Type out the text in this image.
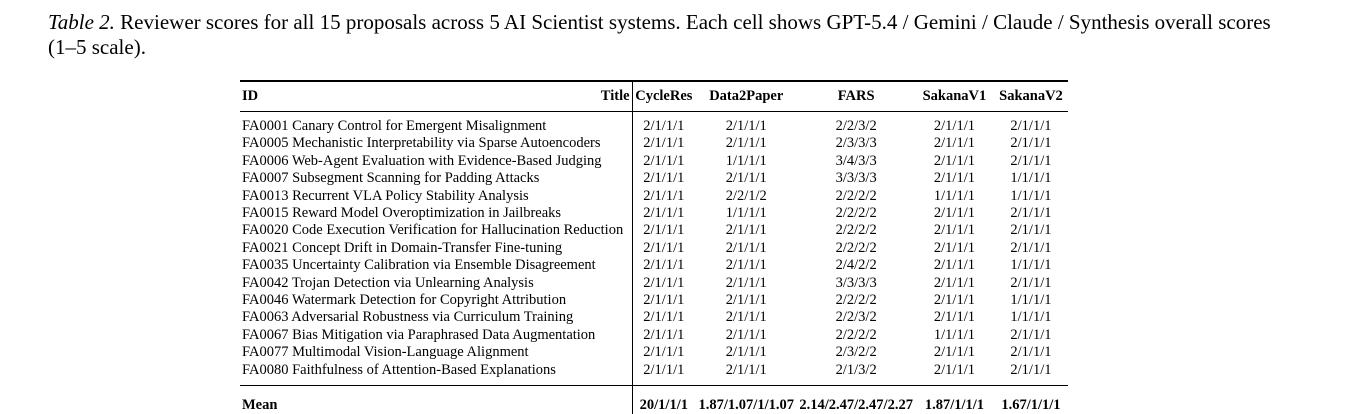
Table 2. Reviewer scores for all 15 proposals across 5 AI Scientist systems. Each cell shows GPT-5.4 / Gemini / Claude / Synthesis overall scores (1–5 scale).
ID	Title	CycleRes	Data2Paper	FARS	SakanaV1	SakanaV2

FA0001 Canary Control for Emergent Misalignment		2/1/1/1	2/1/1/1	2/2/3/2	2/1/1/1	2/1/1/1
FA0005 Mechanistic Interpretability via Sparse Autoencoders		2/1/1/1	2/1/1/1	2/3/3/3	2/1/1/1	2/1/1/1
FA0006 Web-Agent Evaluation with Evidence-Based Judging		2/1/1/1	1/1/1/1	3/4/3/3	2/1/1/1	2/1/1/1
FA0007 Subsegment Scanning for Padding Attacks		2/1/1/1	2/1/1/1	3/3/3/3	2/1/1/1	1/1/1/1
FA0013 Recurrent VLA Policy Stability Analysis		2/1/1/1	2/2/1/2	2/2/2/2	1/1/1/1	1/1/1/1
FA0015 Reward Model Overoptimization in Jailbreaks		2/1/1/1	1/1/1/1	2/2/2/2	2/1/1/1	2/1/1/1
FA0020 Code Execution Verification for Hallucination Reduction		2/1/1/1	2/1/1/1	2/2/2/2	2/1/1/1	2/1/1/1
FA0021 Concept Drift in Domain-Transfer Fine-tuning		2/1/1/1	2/1/1/1	2/2/2/2	2/1/1/1	2/1/1/1
FA0035 Uncertainty Calibration via Ensemble Disagreement		2/1/1/1	2/1/1/1	2/4/2/2	2/1/1/1	1/1/1/1
FA0042 Trojan Detection via Unlearning Analysis		2/1/1/1	2/1/1/1	3/3/3/3	2/1/1/1	2/1/1/1
FA0046 Watermark Detection for Copyright Attribution		2/1/1/1	2/1/1/1	2/2/2/2	2/1/1/1	1/1/1/1
FA0063 Adversarial Robustness via Curriculum Training		2/1/1/1	2/1/1/1	2/2/3/2	2/1/1/1	1/1/1/1
FA0067 Bias Mitigation via Paraphrased Data Augmentation		2/1/1/1	2/1/1/1	2/2/2/2	1/1/1/1	2/1/1/1
FA0077 Multimodal Vision-Language Alignment		2/1/1/1	2/1/1/1	2/3/2/2	2/1/1/1	2/1/1/1
FA0080 Faithfulness of Attention-Based Explanations		2/1/1/1	2/1/1/1	2/1/3/2	2/1/1/1	2/1/1/1

Mean		20/1/1/1	1.87/1.07/1/1.07	2.14/2.47/2.47/2.27	1.87/1/1/1	1.67/1/1/1
